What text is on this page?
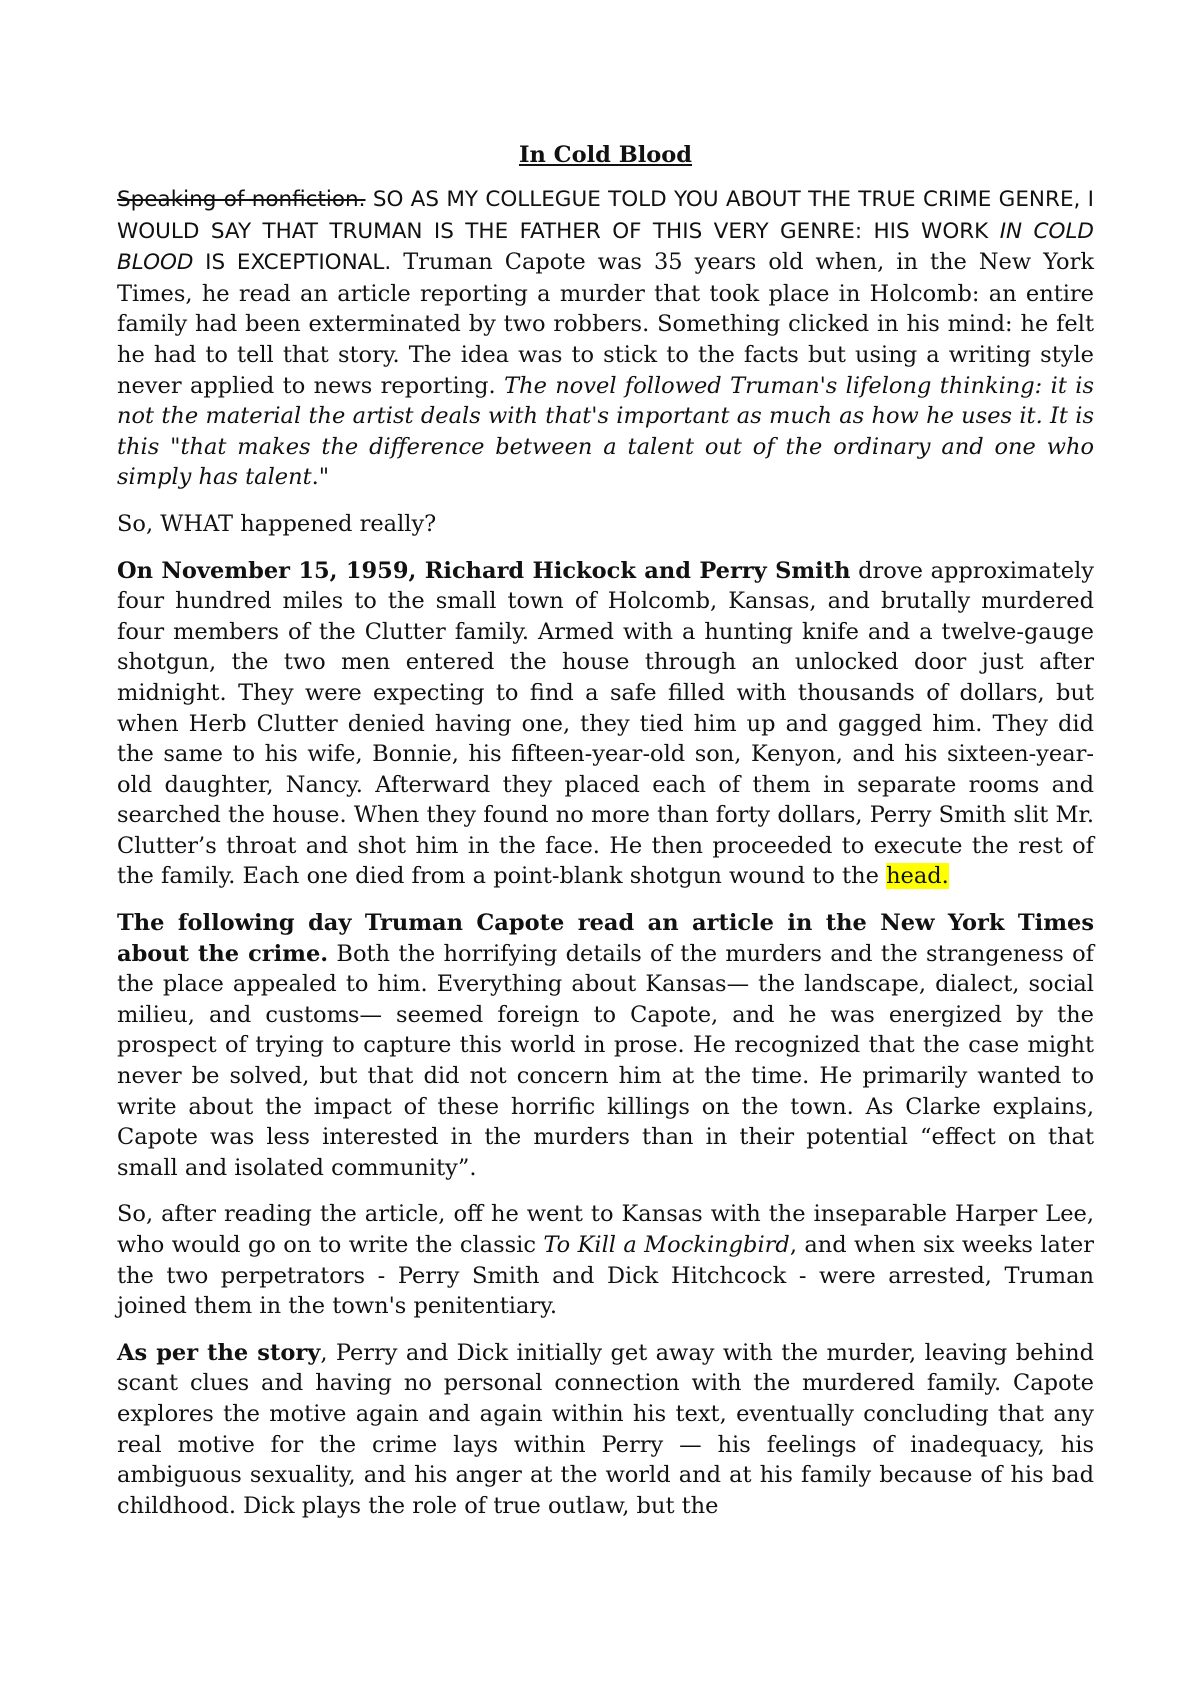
In Cold Blood

Speaking of nonfiction. SO AS MY COLLEGUE TOLD YOU ABOUT THE TRUE CRIME GENRE, I WOULD SAY THAT TRUMAN IS THE FATHER OF THIS VERY GENRE: HIS WORK IN COLD BLOOD IS EXCEPTIONAL. Truman Capote was 35 years old when, in the New York Times, he read an article reporting a murder that took place in Holcomb: an entire family had been exterminated by two robbers. Something clicked in his mind: he felt he had to tell that story. The idea was to stick to the facts but using a writing style never applied to news reporting. The novel followed Truman's lifelong thinking: it is not the material the artist deals with that's important as much as how he uses it. It is this "that makes the difference between a talent out of the ordinary and one who simply has talent."

So, WHAT happened really?

On November 15, 1959, Richard Hickock and Perry Smith drove approximately four hundred miles to the small town of Holcomb, Kansas, and brutally murdered four members of the Clutter family. Armed with a hunting knife and a twelve-gauge shotgun, the two men entered the house through an unlocked door just after midnight. They were expecting to find a safe filled with thousands of dollars, but when Herb Clutter denied having one, they tied him up and gagged him. They did the same to his wife, Bonnie, his fifteen-year-old son, Kenyon, and his sixteen-year-old daughter, Nancy. Afterward they placed each of them in separate rooms and searched the house. When they found no more than forty dollars, Perry Smith slit Mr. Clutter’s throat and shot him in the face. He then proceeded to execute the rest of the family. Each one died from a point-blank shotgun wound to the head.

The following day Truman Capote read an article in the New York Times about the crime. Both the horrifying details of the murders and the strangeness of the place appealed to him. Everything about Kansas— the landscape, dialect, social milieu, and customs— seemed foreign to Capote, and he was energized by the prospect of trying to capture this world in prose. He recognized that the case might never be solved, but that did not concern him at the time. He primarily wanted to write about the impact of these horrific killings on the town. As Clarke explains, Capote was less interested in the murders than in their potential “effect on that small and isolated community”.

So, after reading the article, off he went to Kansas with the inseparable Harper Lee, who would go on to write the classic To Kill a Mockingbird, and when six weeks later the two perpetrators - Perry Smith and Dick Hitchcock - were arrested, Truman joined them in the town's penitentiary.

As per the story, Perry and Dick initially get away with the murder, leaving behind scant clues and having no personal connection with the murdered family. Capote explores the motive again and again within his text, eventually concluding that any real motive for the crime lays within Perry — his feelings of inadequacy, his ambiguous sexuality, and his anger at the world and at his family because of his bad childhood. Dick plays the role of true outlaw, but the
